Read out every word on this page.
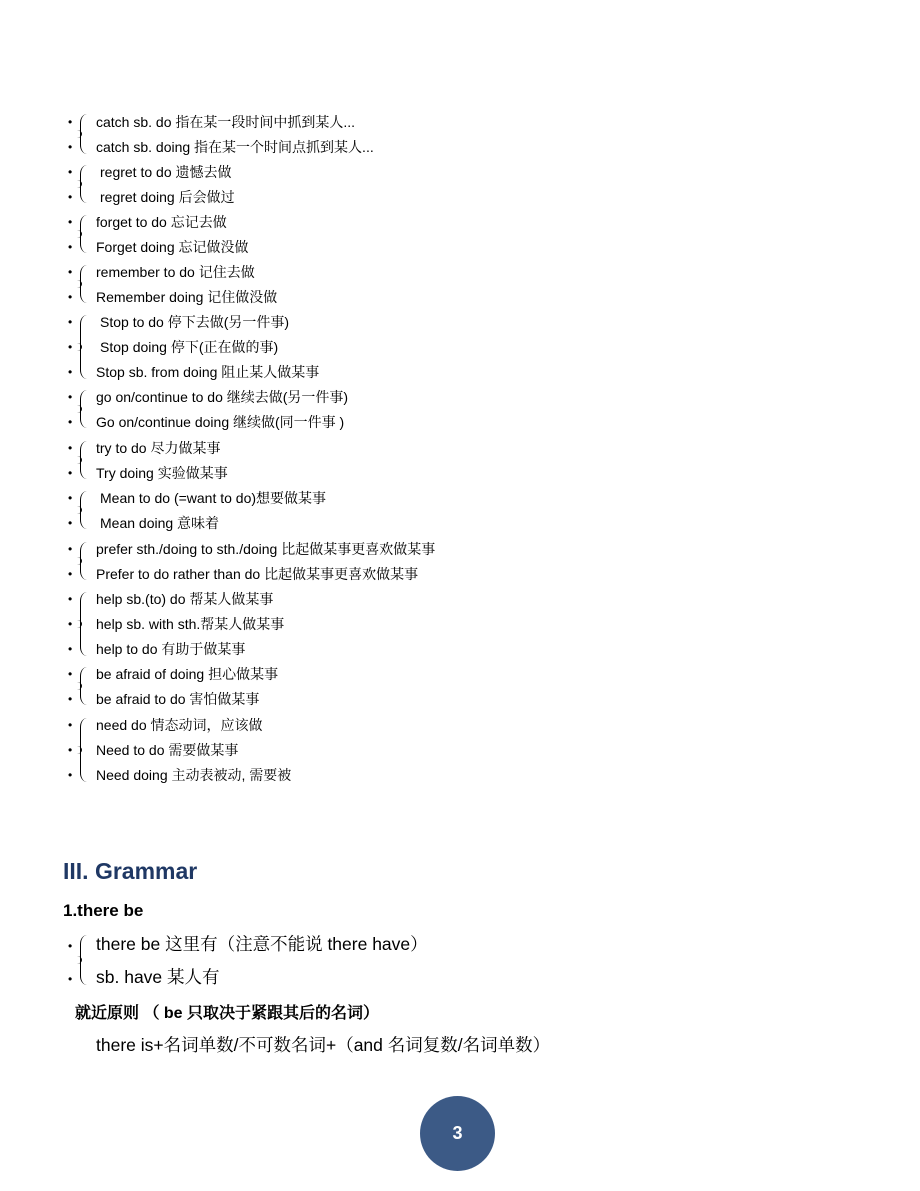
• catch sb. do 指在某一段时间中抓到某人...
• catch sb. doing 指在某一个时间点抓到某人...
• regret to do 遗憾去做
• regret doing 后会做过
• forget to do 忘记去做
• Forget doing 忘记做没做
• remember to do 记住去做
• Remember doing 记住做没做
• Stop to do 停下去做(另一件事)
• Stop doing 停下(正在做的事)
• Stop sb. from doing 阻止某人做某事
• go on/continue to do 继续去做(另一件事)
• Go on/continue doing 继续做(同一件事 )
• try to do 尽力做某事
• Try doing 实验做某事
• Mean to do (=want to do)想要做某事
• Mean doing 意味着
• prefer sth./doing to sth./doing 比起做某事更喜欢做某事
• Prefer to do rather than do 比起做某事更喜欢做某事
• help sb.(to) do 帮某人做某事
• help sb. with sth.帮某人做某事
• help to do 有助于做某事
• be afraid of doing 担心做某事
• be afraid to do 害怕做某事
• need do 情态动词，应该做
• Need to do 需要做某事
• Need doing 主动表被动, 需要被
III. Grammar
1.there be
• there be 这里有（注意不能说 there have）
• sb. have 某人有
就近原则 （ be 只取决于紧跟其后的名词）
there is+名词单数/不可数名词+（and 名词复数/名词单数）
3
